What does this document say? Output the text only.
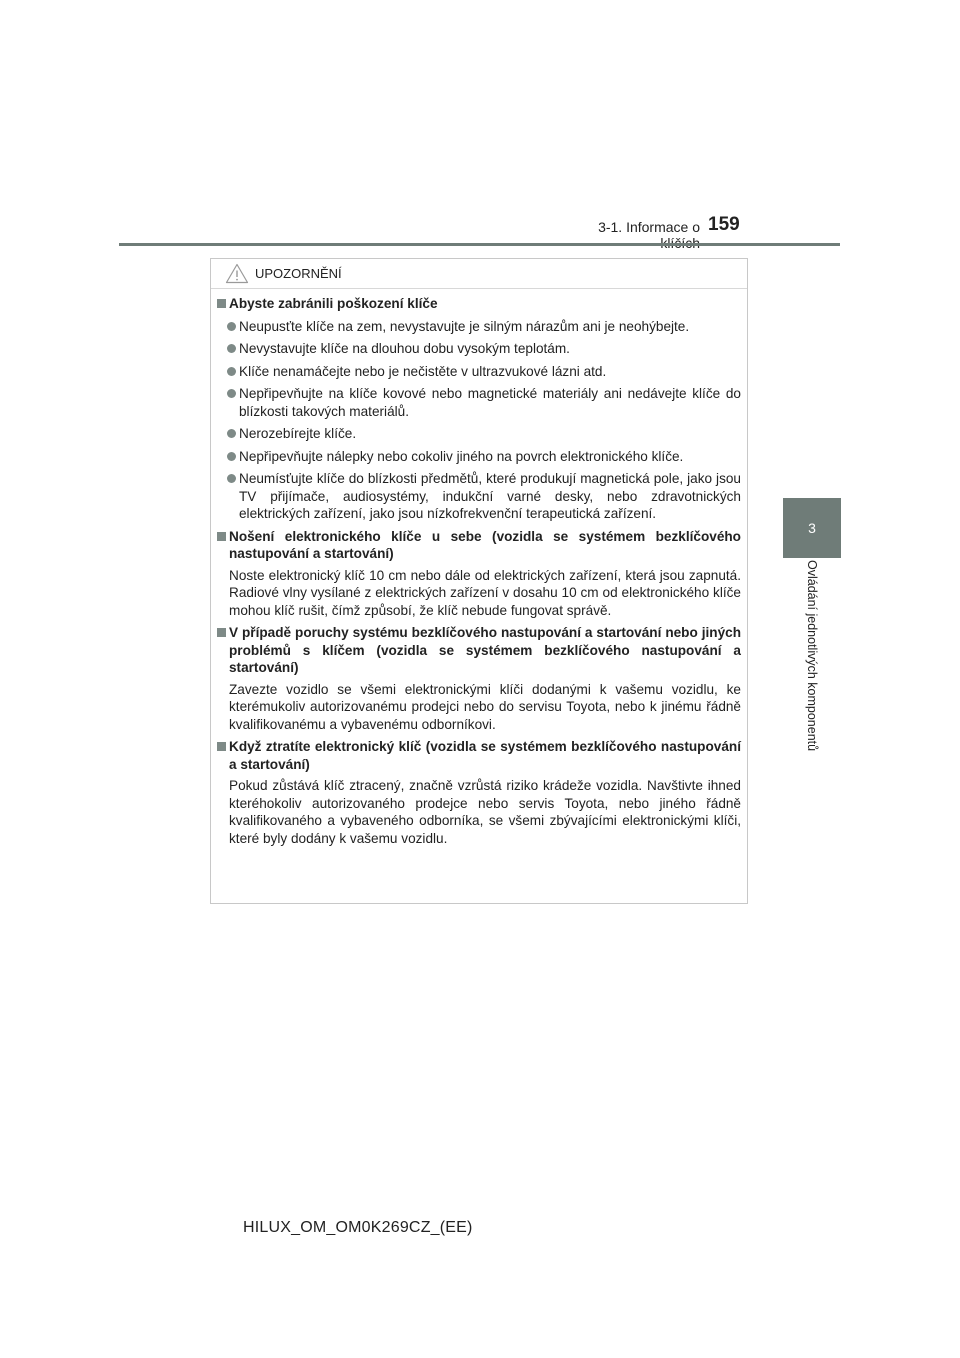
3-1. Informace o 159
3
Ovládání jednotlivých komponentů
UPOZORNĚNÍ
Abyste zabránili poškození klíče
Neupusťte klíče na zem, nevystavujte je silným nárazům ani je neohýbejte.
Nevystavujte klíče na dlouhou dobu vysokým teplotám.
Klíče nenamáčejte nebo je nečistěte v ultrazvukové lázni atd.
Nepřipevňujte na klíče kovové nebo magnetické materiály ani nedávejte klíče do blízkosti takových materiálů.
Nerozebírejte klíče.
Nepřipevňujte nálepky nebo cokoliv jiného na povrch elektronického klíče.
Neumísťujte klíče do blízkosti předmětů, které produkují magnetická pole, jako jsou TV přijímače, audiosystémy, indukční varné desky, nebo zdravotnických elektrických zařízení, jako jsou nízkofrekvenční terapeutická zařízení.
Nošení elektronického klíče u sebe (vozidla se systémem bezklíčového nastupování a startování)
Noste elektronický klíč 10 cm nebo dále od elektrických zařízení, která jsou zapnutá. Radiové vlny vysílané z elektrických zařízení v dosahu 10 cm od elektronického klíče mohou klíč rušit, čímž způsobí, že klíč nebude fungovat správě.
V případě poruchy systému bezklíčového nastupování a startování nebo jiných problémů s klíčem (vozidla se systémem bezklíčového nastupování a startování)
Zavezte vozidlo se všemi elektronickými klíči dodanými k vašemu vozidlu, ke kterémukoliv autorizovanému prodejci nebo do servisu Toyota, nebo k jinému řádně kvalifikovanému a vybavenému odborníkovi.
Když ztratíte elektronický klíč (vozidla se systémem bezklíčového nastupování a startování)
Pokud zůstává klíč ztracený, značně vzrůstá riziko krádeže vozidla. Navštivte ihned kteréhokoliv autorizovaného prodejce nebo servis Toyota, nebo jiného řádně kvalifikovaného a vybaveného odborníka, se všemi zbývajícími elektronickými klíči, které byly dodány k vašemu vozidlu.
HILUX_OM_OM0K269CZ_(EE)
